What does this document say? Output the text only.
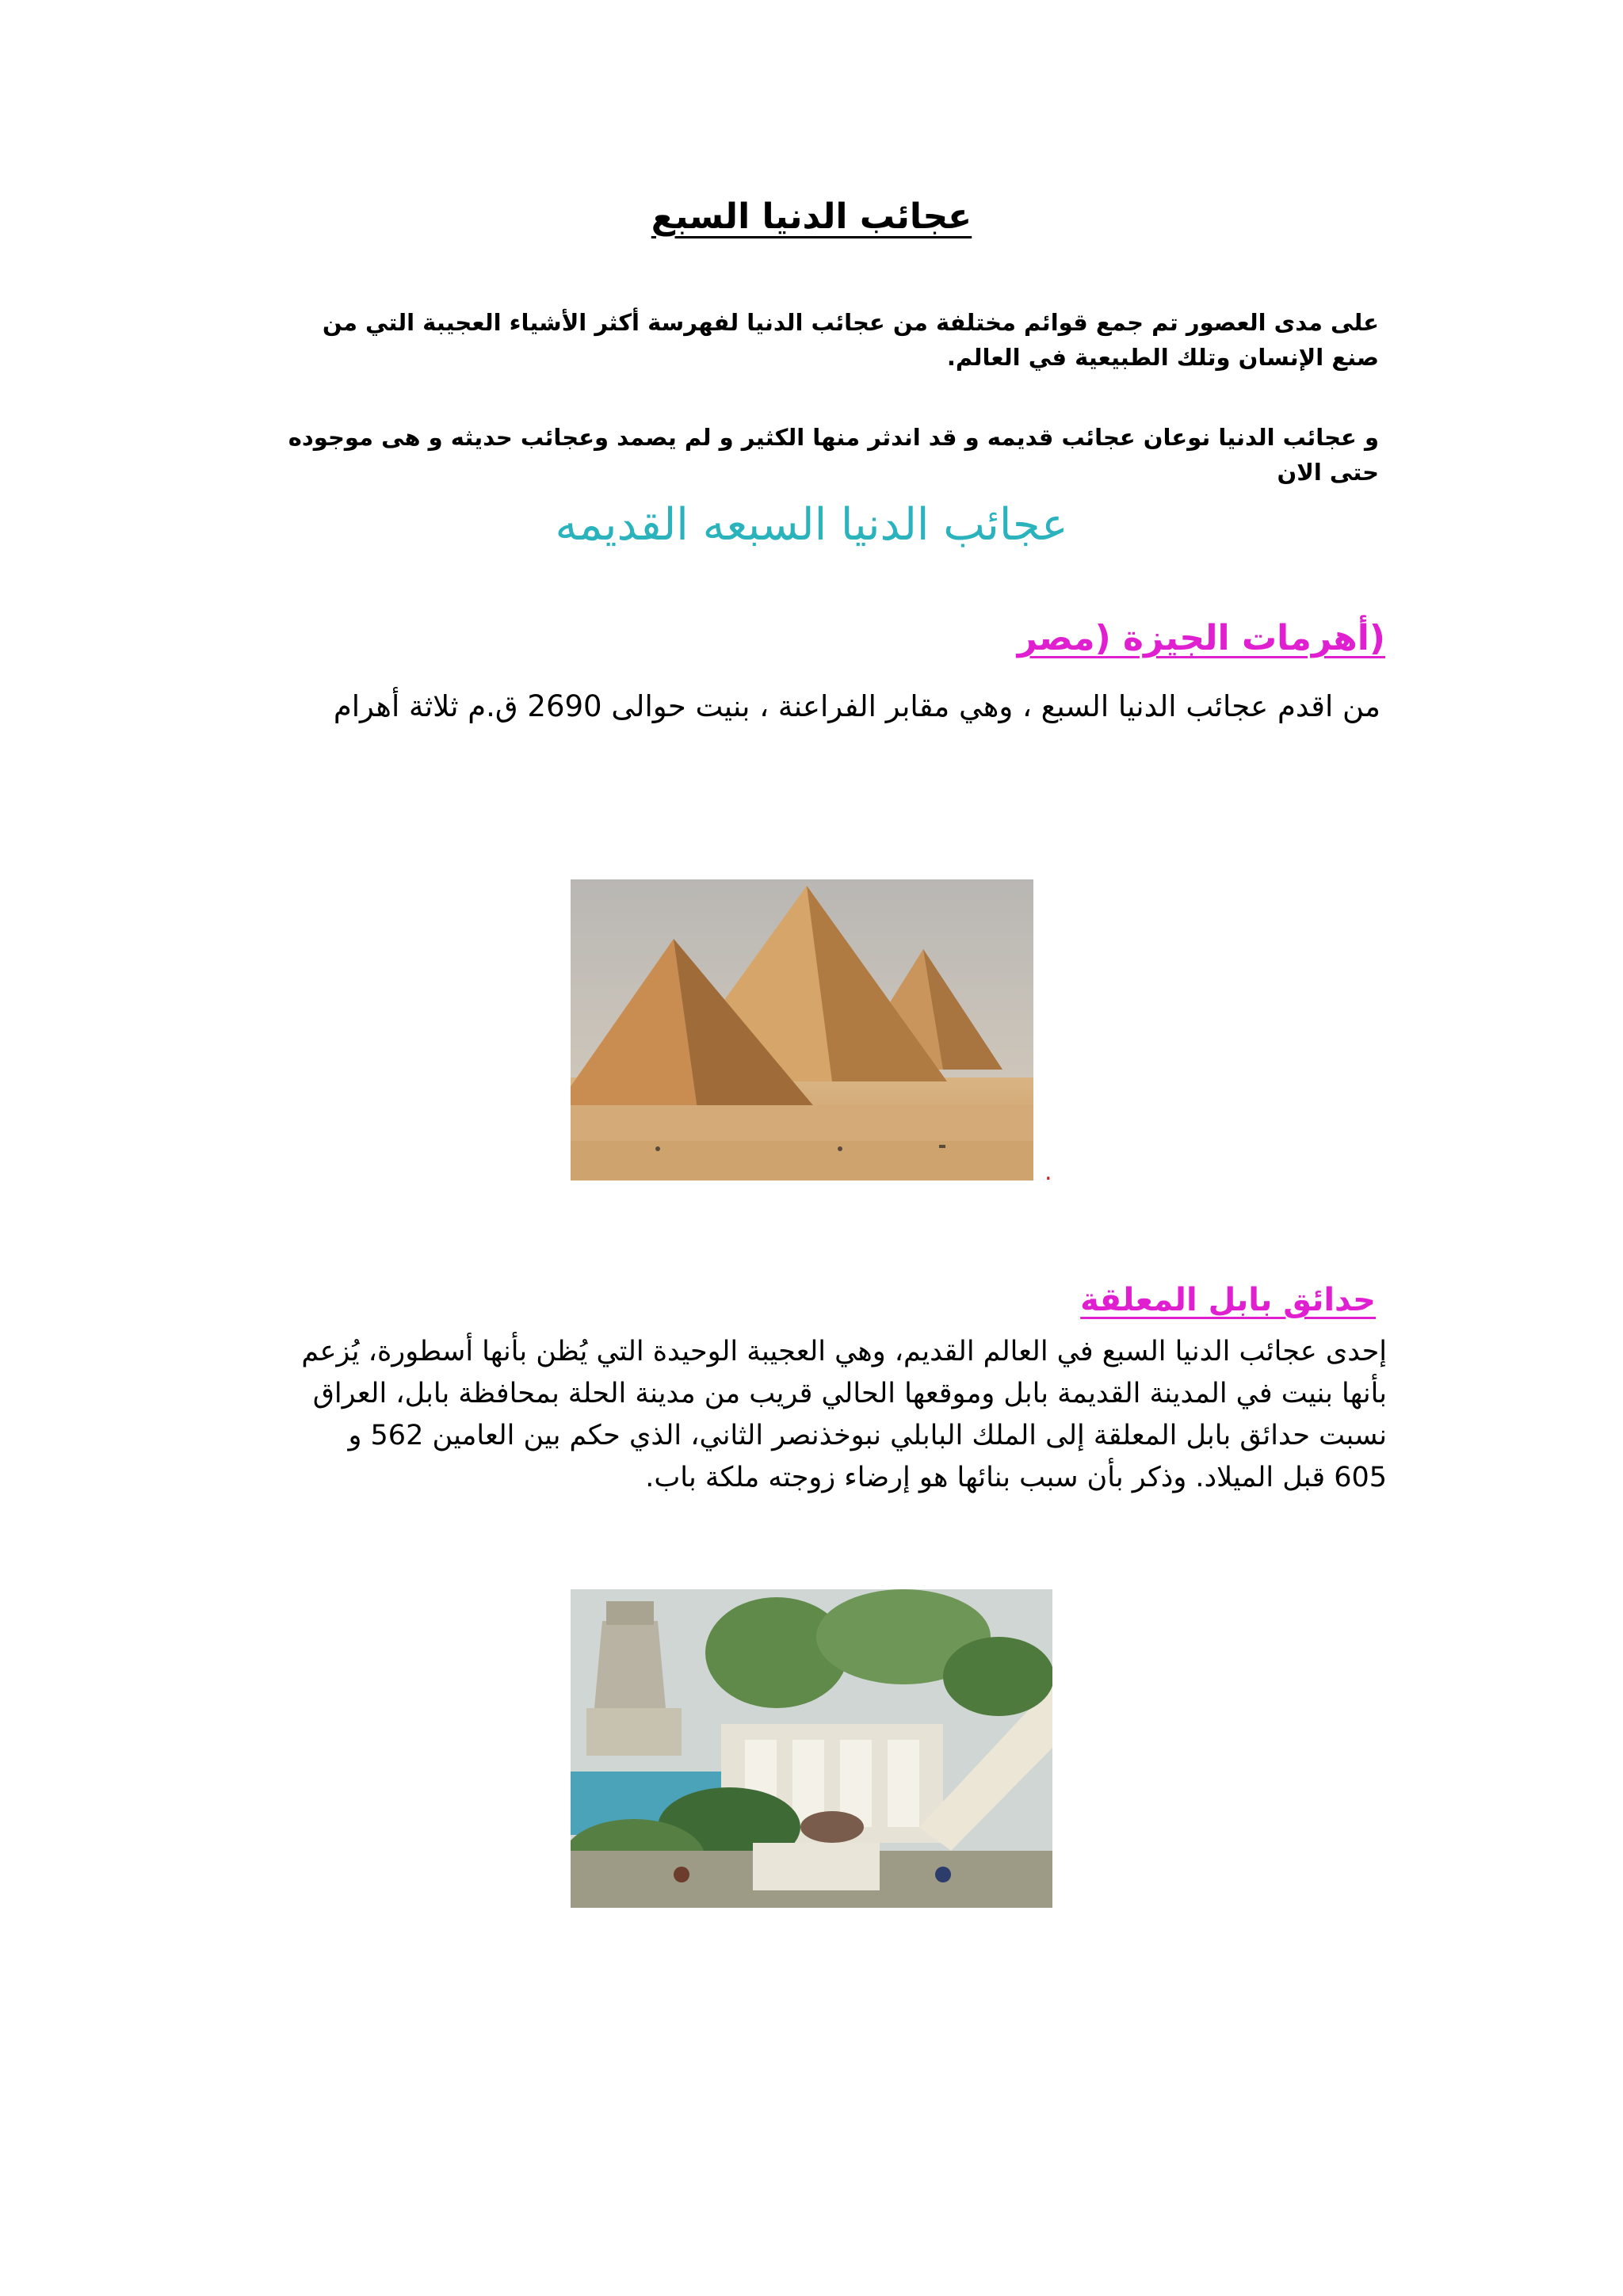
عجائب الدنيا السبع
على مدى العصور تم جمع قوائم مختلفة من عجائب الدنيا لفهرسة أكثر الأشياء العجيبة التي من صنع الإنسان وتلك الطبيعية في العالم.
و عجائب الدنيا نوعان عجائب قديمه و قد اندثر منها الكثير و لم يصمد وعجائب حديثه و هى موجوده حتى الان
عجائب الدنيا السبعه القديمه
(أهرمات الجيزة (مصر
من اقدم عجائب الدنيا السبع ، وهي مقابر الفراعنة ، بنيت حوالى 2690 ق.م ثلاثة أهرام
.
حدائق بابل المعلقة
إحدى عجائب الدنيا السبع في العالم القديم، وهي العجيبة الوحيدة التي يُظن بأنها أسطورة، يُزعم
بأنها بنيت في المدينة القديمة بابل وموقعها الحالي قريب من مدينة الحلة بمحافظة بابل، العراق
نسبت حدائق بابل المعلقة إلى الملك البابلي نبوخذنصر الثاني، الذي حكم بين العامين 562 و
605 قبل الميلاد. وذكر بأن سبب بنائها هو إرضاء زوجته ملكة باب.
